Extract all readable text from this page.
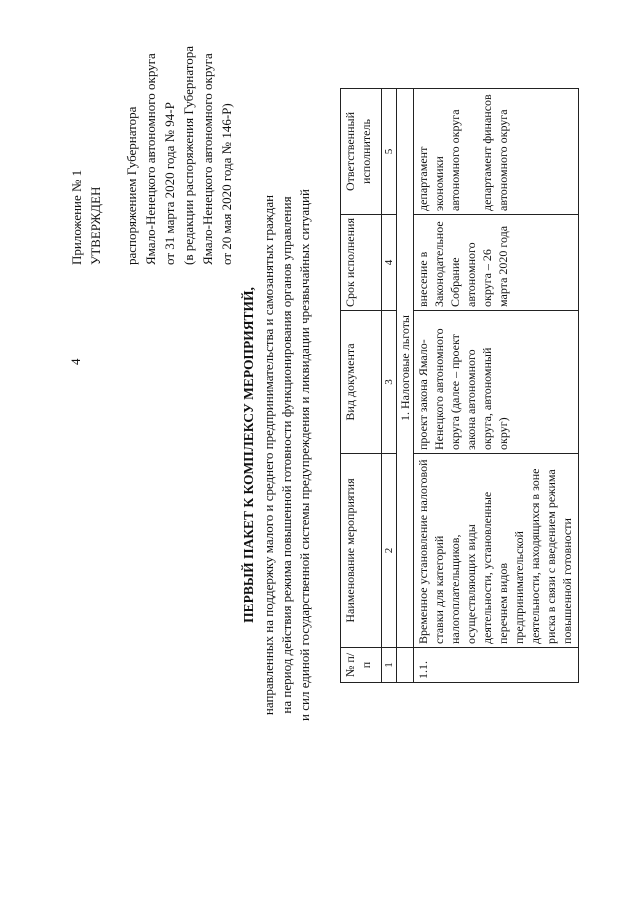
4
Приложение № 1 УТВЕРЖДЕН распоряжением Губернатора Ямало-Ненецкого автономного округа от 31 марта 2020 года № 94-Р (в редакции распоряжения Губернатора Ямало-Ненецкого автономного округа от 20 мая 2020 года № 146-Р)
ПЕРВЫЙ ПАКЕТ К КОМПЛЕКСУ МЕРОПРИЯТИЙ, направленных на поддержку малого и среднего предпринимательства и самозанятых граждан на период действия режима повышенной готовности функционирования органов управления и сил единой государственной системы предупреждения и ликвидации чрезвычайных ситуаций	№ п/п	Наименование мероприятия	Вид документа	Срок исполнения	Ответственный исполнитель
1	2	3	4	5
	1. Налоговые льготы			
1.1.	Временное установление налоговой ставки для категорий налогоплательщиков, осуществляющих виды деятельности, установленные перечнем видов предпринимательской деятельности, находящихся в зоне риска в связи с введением режима повышенной готовности	проект закона Ямало-Ненецкого автономного округа (далее – проект закона автономного округа, автономный округ)	внесение в Законодательное Собрание автономного округа – 26 марта 2020 года	департамент экономики автономного округа департамент финансов автономного округа
